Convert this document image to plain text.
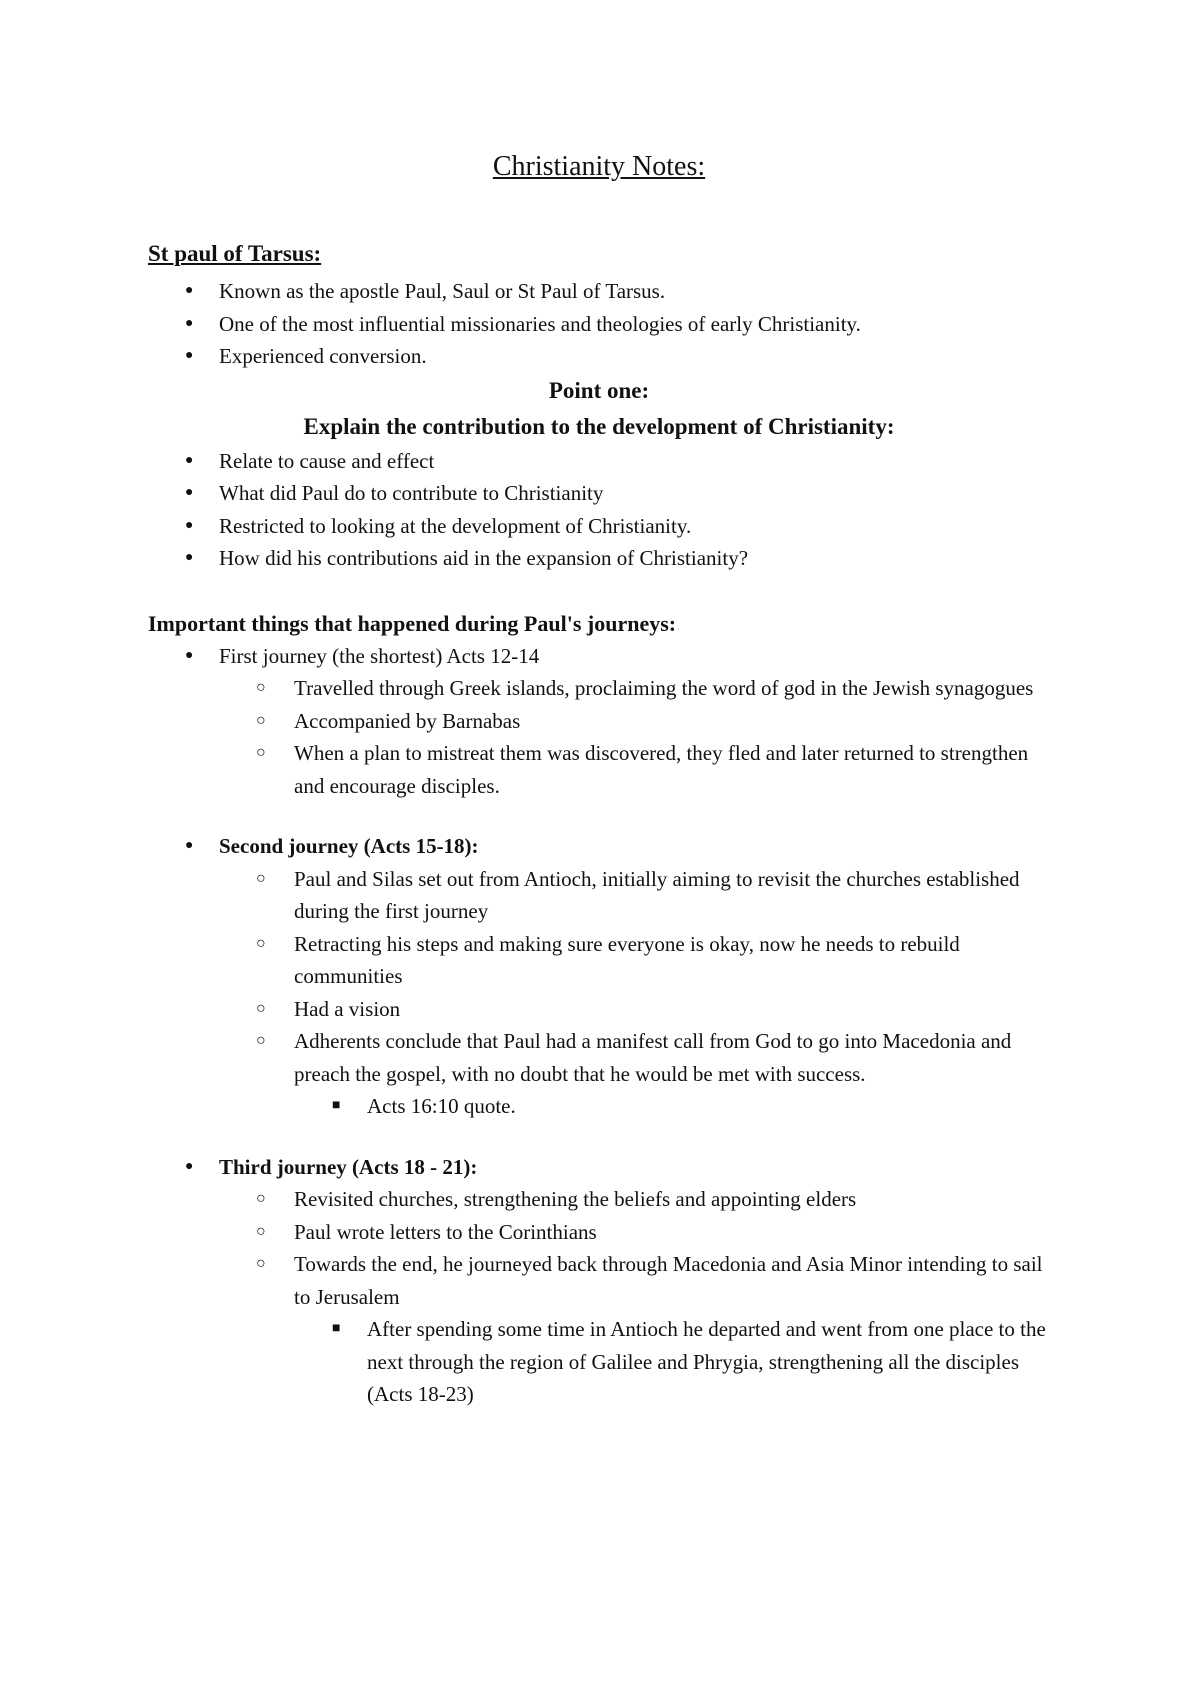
Christianity Notes:
St paul of Tarsus:
● Known as the apostle Paul, Saul or St Paul of Tarsus.
● One of the most influential missionaries and theologies of early Christianity.
● Experienced conversion.
Point one:
Explain the contribution to the development of Christianity:
● Relate to cause and effect
● What did Paul do to contribute to Christianity
● Restricted to looking at the development of Christianity.
● How did his contributions aid in the expansion of Christianity?
Important things that happened during Paul's journeys:
● First journey (the shortest) Acts 12-14
○ Travelled through Greek islands, proclaiming the word of god in the Jewish synagogues
○ Accompanied by Barnabas
○ When a plan to mistreat them was discovered, they fled and later returned to strengthen and encourage disciples.
● Second journey (Acts 15-18):
○ Paul and Silas set out from Antioch, initially aiming to revisit the churches established during the first journey
○ Retracting his steps and making sure everyone is okay, now he needs to rebuild communities
○ Had a vision
○ Adherents conclude that Paul had a manifest call from God to go into Macedonia and preach the gospel, with no doubt that he would be met with success.
■ Acts 16:10 quote.
● Third journey (Acts 18 - 21):
○ Revisited churches, strengthening the beliefs and appointing elders
○ Paul wrote letters to the Corinthians
○ Towards the end, he journeyed back through Macedonia and Asia Minor intending to sail to Jerusalem
■ After spending some time in Antioch he departed and went from one place to the next through the region of Galilee and Phrygia, strengthening all the disciples (Acts 18-23)
